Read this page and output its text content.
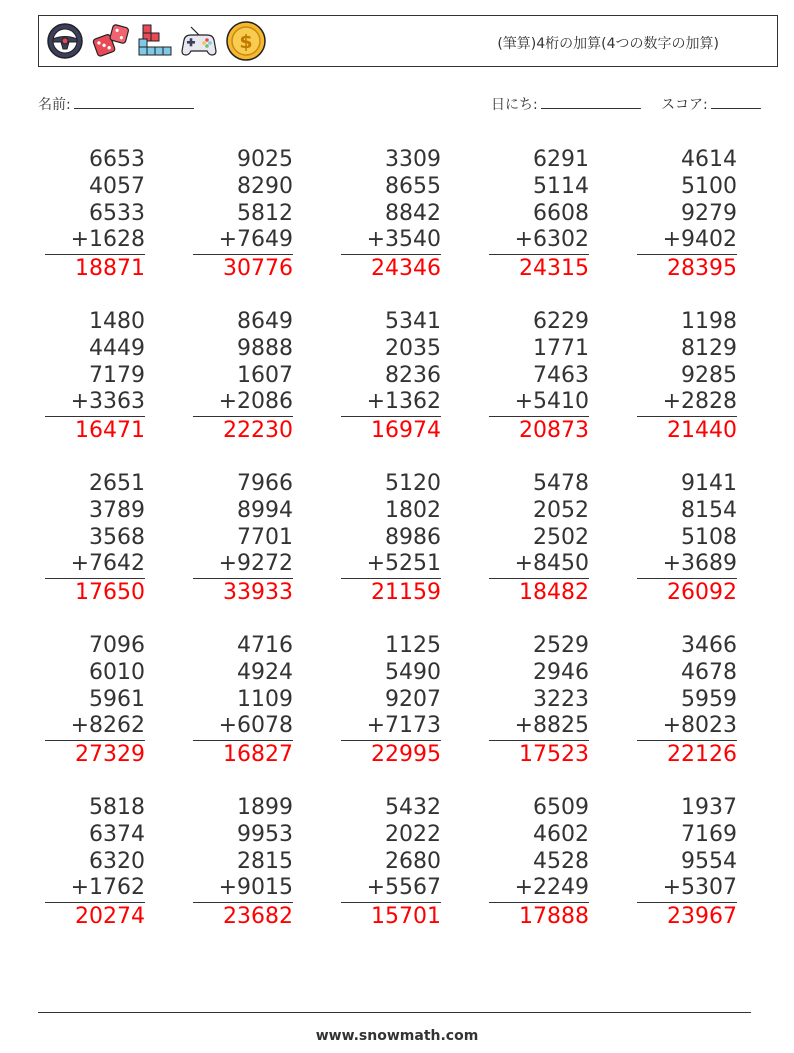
$	(筆算)4桁の加算(4つの数字の加算)
名前:	日にち:	スコア:
6653
4057
6533
+1628
18871
9025
8290
5812
+7649
30776
3309
8655
8842
+3540
24346
6291
5114
6608
+6302
24315
4614
5100
9279
+9402
28395
1480
4449
7179
+3363
16471
8649
9888
1607
+2086
22230
5341
2035
8236
+1362
16974
6229
1771
7463
+5410
20873
1198
8129
9285
+2828
21440
2651
3789
3568
+7642
17650
7966
8994
7701
+9272
33933
5120
1802
8986
+5251
21159
5478
2052
2502
+8450
18482
9141
8154
5108
+3689
26092
7096
6010
5961
+8262
27329
4716
4924
1109
+6078
16827
1125
5490
9207
+7173
22995
2529
2946
3223
+8825
17523
3466
4678
5959
+8023
22126
5818
6374
6320
+1762
20274
1899
9953
2815
+9015
23682
5432
2022
2680
+5567
15701
6509
4602
4528
+2249
17888
1937
7169
9554
+5307
23967
www.snowmath.com
